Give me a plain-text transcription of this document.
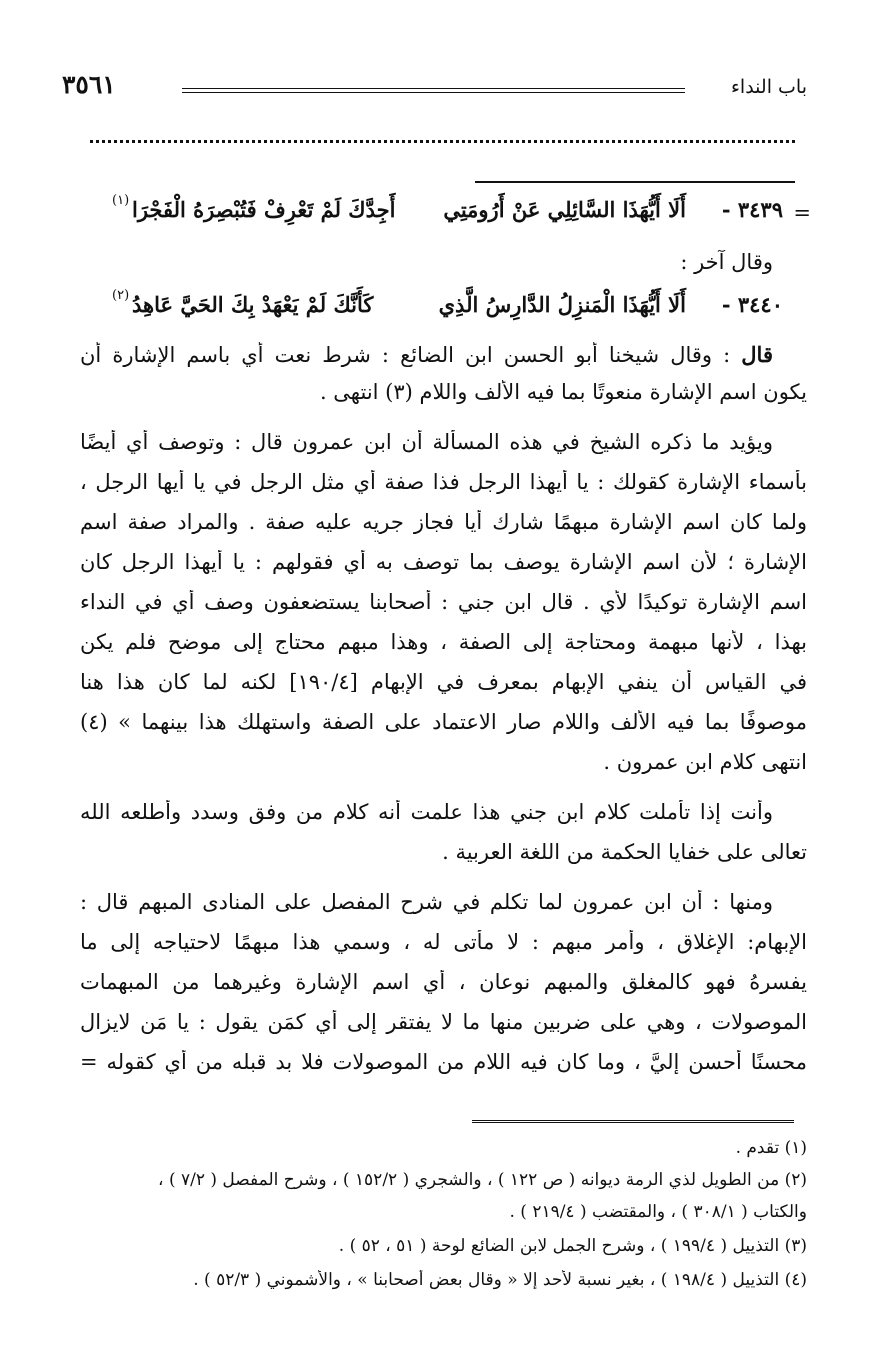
باب النداء
٣٥٦١
=
٣٤٣٩ -
أَلَا أَيُّهَذَا السَّائِلِي عَنْ أَرُومَتِي
أَجِدَّكَ لَمْ تَعْرِفْ فَتُبْصِرَهُ الْفَجْرَا
(١)
وقال آخر :
٣٤٤٠ -
أَلَا أَيُّهَذَا الْمَنزِلُ الدَّارِسُ الَّذِي
كَأَنَّكَ لَمْ يَعْهَدْ بِكَ الحَيَّ عَاهِدُ
(٢)
قال : وقال شيخنا أبو الحسن ابن الضائع : شرط نعت أي باسم الإشارة أن
يكون اسم الإشارة منعوتًا بما فيه الألف واللام (٣) انتهى .
ويؤيد ما ذكره الشيخ في هذه المسألة أن ابن عمرون قال : وتوصف أي أيضًا
بأسماء الإشارة كقولك : يا أيهذا الرجل فذا صفة أي مثل الرجل في يا أيها الرجل ،
ولما كان اسم الإشارة مبهمًا شارك أيا فجاز جريه عليه صفة . والمراد صفة اسم
الإشارة ؛ لأن اسم الإشارة يوصف بما توصف به أي فقولهم : يا أيهذا الرجل كان
اسم الإشارة توكيدًا لأي . قال ابن جني : أصحابنا يستضعفون وصف أي في النداء
بهذا ، لأنها مبهمة ومحتاجة إلى الصفة ، وهذا مبهم محتاج إلى موضح فلم يكن
في القياس أن ينفي الإبهام بمعرف في الإبهام [١٩٠/٤] لكنه لما كان هذا هنا
موصوفًا بما فيه الألف واللام صار الاعتماد على الصفة واستهلك هذا بينهما » (٤)
انتهى كلام ابن عمرون .
وأنت إذا تأملت كلام ابن جني هذا علمت أنه كلام من وفق وسدد وأطلعه الله
تعالى على خفايا الحكمة من اللغة العربية .
ومنها : أن ابن عمرون لما تكلم في شرح المفصل على المنادى المبهم قال :
الإبهام: الإغلاق ، وأمر مبهم : لا مأتى له ، وسمي هذا مبهمًا لاحتياجه إلى ما
يفسرهُ فهو كالمغلق والمبهم نوعان ، أي اسم الإشارة وغيرهما من المبهمات
الموصولات ، وهي على ضربين منها ما لا يفتقر إلى أي كمَن يقول : يا مَن لايزال
محسنًا أحسن إليَّ ، وما كان فيه اللام من الموصولات فلا بد قبله من أي كقوله =
(١) تقدم .
(٢) من الطويل لذي الرمة ديوانه ( ص ١٢٢ ) ، والشجري ( ١٥٢/٢ ) ، وشرح المفصل ( ٧/٢ ) ،
والكتاب ( ٣٠٨/١ ) ، والمقتضب ( ٢١٩/٤ ) .
(٣) التذييل ( ١٩٩/٤ ) ، وشرح الجمل لابن الضائع لوحة ( ٥١ ، ٥٢ ) .
(٤) التذييل ( ١٩٨/٤ ) ، بغير نسبة لأحد إلا « وقال بعض أصحابنا » ، والأشموني ( ٥٢/٣ ) .
